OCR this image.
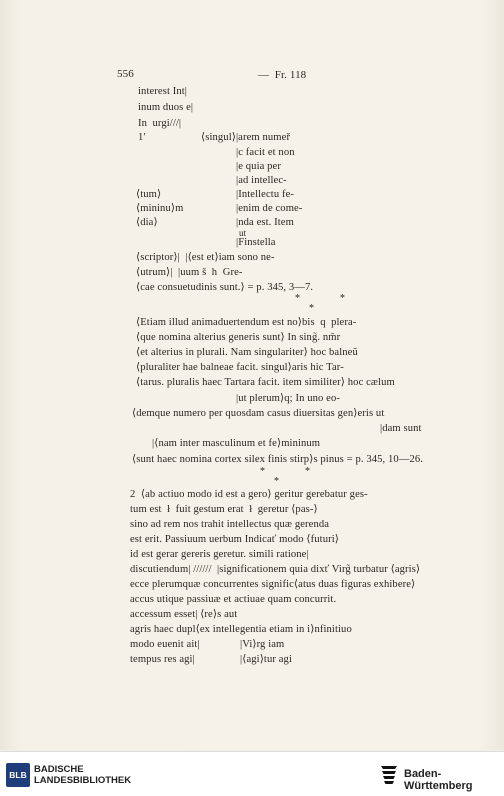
556	—  Fr. 118
interest Int|
inum duos e|
In  urgi///|
1ʹ	⟨singul⟩|arem numeř
|c facit et non
|e quia per
|ad intellec-
⟨tum⟩	|Intellectu fe-
⟨mininu⟩m	|enim de come-
⟨dia⟩	|nda est. Item
ut
|Finstella
⟨scriptor⟩|  |⟨est et⟩iam sono ne-
⟨utrum⟩|  |uum š  h  Gre-
⟨cae consuetudinis sunt.⟩ = p. 345, 3—7.
*    *
*
⟨Etiam illud animaduertendum est no⟩bis  q  plera-
⟨que nomina alterius generis sunt⟩ In sing̃. nm̃r
⟨et alterius in plurali. Nam singulariter⟩ hoc balneũ
⟨pluraliter hae balneae facit. singul⟩aris hic Tar-
⟨tarus. pluralis haec Tartara facit. item similiter⟩ hoc cælum
|ut plerum⟩q; In uno eo-
⟨demque numero per quosdam casus diuersitas gen⟩eris ut
|dam sunt
|⟨nam inter masculinum et fe⟩mininum
⟨sunt haec nomina cortex silex finis stirp⟩s pinus = p. 345, 10—26.
*    *
*
2  ⟨ab actiuo modo id est a gero⟩ geritur gerebatur ges-
tum est  ł  fuit gestum erat  ł  geretur ⟨pas-⟩
sino ad rem nos trahit intellectus quæ gerenda
est erit. Passiuum uerbum Indicať modo ⟨futuri⟩
id est gerar gereris geretur. simili ratione|
discutiendum| //////  |significationem quia dixť Virg̃ turbatur ⟨agris⟩
ecce plerumquæ concurrentes signific⟨atus duas figuras exhibere⟩
accus utique passiuæ et actiuae quam concurrit.
accessum esset| ⟨re⟩s aut
agris haec dupl⟨ex intellegentia etiam in i⟩nfinitiuo
modo euenit ait|	|Vi⟩rg iam
tempus res agi|	|⟨agi⟩tur agi
BLB BADISCHE
LANDESBIBLIOTHEK
Baden-Württemberg
